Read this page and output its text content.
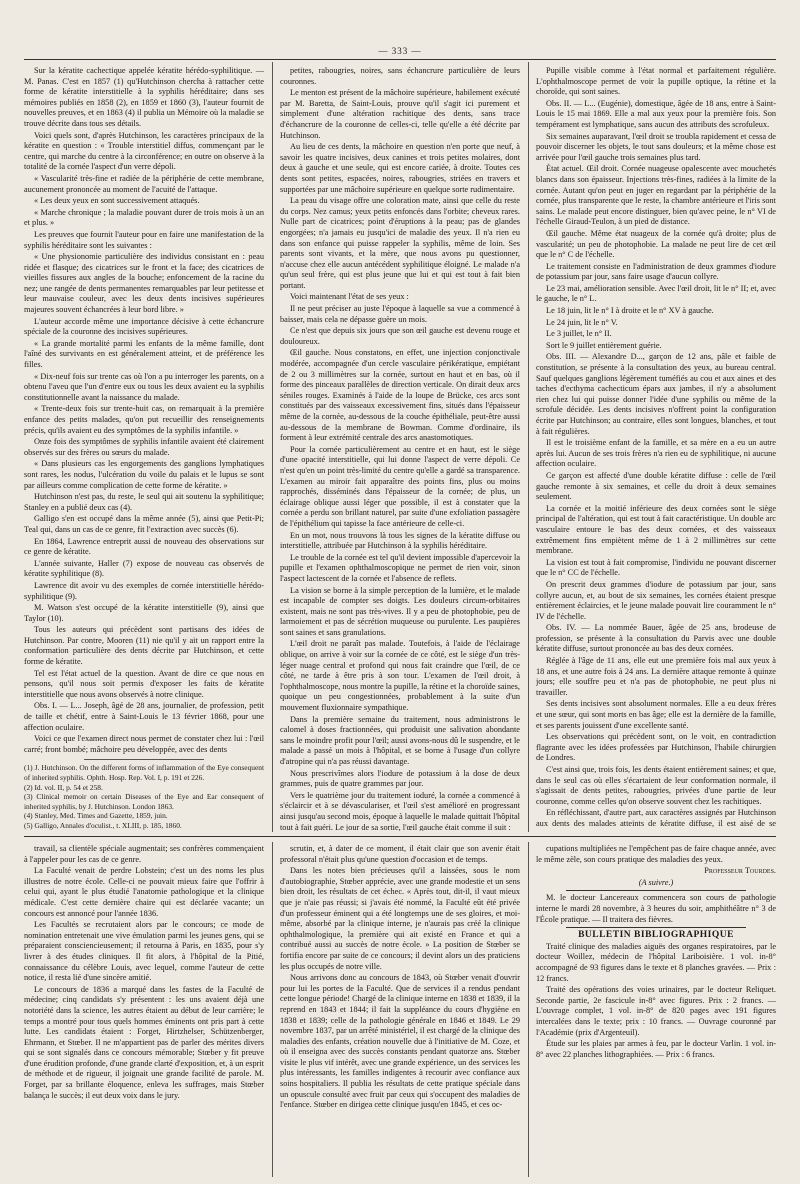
— 333 —

Sur la kératite cachectique appelée kératite hérédo-syphilitique. — M. Panas. C'est en 1857 (1) qu'Hutchinson chercha à rattacher cette forme de kératite interstitielle à la syphilis héréditaire; dans ses mémoires publiés en 1858 (2), en 1859 et 1860 (3), l'auteur fournit de nouvelles preuves, et en 1863 (4) il publia un Mémoire où la maladie se trouve décrite dans tous ses détails.

Voici quels sont, d'après Hutchinson, les caractères principaux de la kératite en question : « Trouble interstitiel diffus, commençant par le centre, qui marche du centre à la circonférence; en outre on observe à la totalité de la cornée l'aspect d'un verre dépoli.

« Vascularité très-fine et radiée de la périphérie de cette membrane, aucunement prononcée au moment de l'acuité de l'attaque.

« Les deux yeux en sont successivement attaqués.

« Marche chronique ; la maladie pouvant durer de trois mois à un an et plus. »

Les preuves que fournit l'auteur pour en faire une manifestation de la syphilis héréditaire sont les suivantes :

« Une physionomie particulière des individus consistant en : peau ridée et flasque; des cicatrices sur le front et la face; des cicatrices de vieilles fissures aux angles de la bouche; enfoncement de la racine du nez; une rangée de dents permanentes remarquables par leur petitesse et leur mauvaise couleur, avec les deux dents incisives supérieures majeures souvent échancrées à leur bord libre. »

L'auteur accorde même une importance décisive à cette échancrure spéciale de la couronne des incisives supérieures.

« La grande mortalité parmi les enfants de la même famille, dont l'aîné des survivants en est généralement atteint, et de préférence les filles.

« Dix-neuf fois sur trente cas où l'on a pu interroger les parents, on a obtenu l'aveu que l'un d'entre eux ou tous les deux avaient eu la syphilis constitutionnelle avant la naissance du malade.

« Trente-deux fois sur trente-huit cas, on remarquait à la première enfance des petits malades, qu'on put recueillir des renseignements précis, qu'ils avaient eu des symptômes de la syphilis infantile. »

Onze fois des symptômes de syphilis infantile avaient été clairement observés sur des frères ou sœurs du malade.

« Dans plusieurs cas les engorgements des ganglions lymphatiques sont rares, les nodus, l'ulcération du voile du palais et le lupus se sont par ailleurs comme complication de cette forme de kératite. »

Hutchinson n'est pas, du reste, le seul qui ait soutenu la syphilitique; Stanley en a publié deux cas (4).

Galligo s'en est occupé dans la même année (5), ainsi que Petit-Pi; Teal qui, dans un cas de ce genre, fit l'extraction avec succès (6).

En 1864, Lawrence entreprit aussi de nouveau des observations sur ce genre de kératite.

L'année suivante, Haller (7) expose de nouveau cas observés de kératite syphilitique (8).

Lawrence dit avoir vu des exemples de cornée interstitielle hérédo-syphilitique (9).

M. Watson s'est occupé de la kératite interstitielle (9), ainsi que Taylor (10).

Tous les auteurs qui précèdent sont partisans des idées de Hutchinson. Par contre, Mooren (11) nie qu'il y ait un rapport entre la conformation particulière des dents décrite par Hutchinson, et cette forme de kératite.

Tel est l'état actuel de la question. Avant de dire ce que nous en pensons, qu'il nous soit permis d'exposer les faits de kératite interstitielle que nous avons observés à notre clinique.

Obs. I. — L... Joseph, âgé de 28 ans, journalier, de profession, petit de taille et chétif, entre à Saint-Louis le 13 février 1868, pour une affection oculaire.

Voici ce que l'examen direct nous permet de constater chez lui : l'œil carré; front bombé; mâchoire peu développée, avec des dents

(1) J. Hutchinson. On the different forms of inflammation of the Eye consequent of inherited syphilis. Ophth. Hosp. Rep. Vol. I, p. 191 et 226.

(2) Id. vol. II, p. 54 et 258.

(3) Clinical memoir on certain Diseases of the Eye and Ear consequent of inherited syphilis, by J. Hutchinson. London 1863.

(4) Stanley, Med. Times and Gazette, 1859, juin.

(5) Galligo, Annales d'oculist., t. XLIII, p. 185, 1860.

petites, rabougries, noires, sans échancrure particulière de leurs couronnes.

Le menton est présent de la mâchoire supérieure, habilement exécuté par M. Baretta, de Saint-Louis, prouve qu'il s'agit ici purement et simplement d'une altération rachitique des dents, sans trace d'échancrure de la couronne de celles-ci, telle qu'elle a été décrite par Hutchinson.

Au lieu de ces dents, la mâchoire en question n'en porte que neuf, à savoir les quatre incisives, deux canines et trois petites molaires, dont deux à gauche et une seule, qui est encore cariée, à droite. Toutes ces dents sont petites, espacées, noires, rabougries, striées en travers et supportées par une mâchoire supérieure en quelque sorte rudimentaire.

La peau du visage offre une coloration mate, ainsi que celle du reste du corps. Nez camus; yeux petits enfoncés dans l'orbite; cheveux rares. Nulle part de cicatrices; point d'éruptions à la peau; pas de glandes engorgées; n'a jamais eu jusqu'ici de maladie des yeux. Il n'a rien eu dans son enfance qui puisse rappeler la syphilis, même de loin. Ses parents sont vivants, et la mère, que nous avons pu questionner, n'accuse chez elle aucun antécédent syphilitique éloigné. Le malade n'a qu'un seul frère, qui est plus jeune que lui et qui est tout à fait bien portant.

Voici maintenant l'état de ses yeux :

Il ne peut préciser au juste l'époque à laquelle sa vue a commencé à baisser, mais cela ne dépasse guère un mois.

Ce n'est que depuis six jours que son œil gauche est devenu rouge et douloureux.

Œil gauche. Nous constatons, en effet, une injection conjonctivale modérée, accompagnée d'un cercle vasculaire périkératique, empiétant de 2 ou 3 millimètres sur la cornée, surtout en haut et en bas, où il forme des pinceaux parallèles de direction verticale. On dirait deux arcs séniles rouges. Examinés à l'aide de la loupe de Brücke, ces arcs sont constitués par des vaisseaux excessivement fins, situés dans l'épaisseur même de la cornée, au-dessous de la couche épithéliale, peut-être aussi au-dessous de la membrane de Bowman. Comme d'ordinaire, ils forment à leur extrémité centrale des arcs anastomotiques.

Pour la cornée particulièrement au centre et en haut, est le siège d'une opacité interstitielle, qui lui donne l'aspect de verre dépoli. Ce n'est qu'en un point très-limité du centre qu'elle a gardé sa transparence. L'examen au miroir fait apparaître des points fins, plus ou moins rapprochés, disséminés dans l'épaisseur de la cornée; de plus, un éclairage oblique aussi léger que possible, il est à constater que la cornée a perdu son brillant naturel, par suite d'une exfoliation passagère de l'épithélium qui tapisse la face antérieure de celle-ci.

En un mot, nous trouvons là tous les signes de la kératite diffuse ou interstitielle, attribuée par Hutchinson à la syphilis héréditaire.

Le trouble de la cornée est tel qu'il devient impossible d'apercevoir la pupille et l'examen ophthalmoscopique ne permet de rien voir, sinon l'aspect lactescent de la cornée et l'absence de reflets.

La vision se borne à la simple perception de la lumière, et le malade est incapable de compter ses doigts. Les douleurs circum-orbitaires existent, mais ne sont pas très-vives. Il y a peu de photophobie, peu de larmoiement et pas de sécrétion muqueuse ou purulente. Les paupières sont saines et sans granulations.

L'œil droit ne paraît pas malade. Toutefois, à l'aide de l'éclairage oblique, on arrive à voir sur la cornée de ce côté, est le siège d'un très-léger nuage central et profond qui nous fait craindre que l'œil, de ce côté, ne tarde à être pris à son tour. L'examen de l'œil droit, à l'ophthalmoscope, nous montre la pupille, la rétine et la choroïde saines, quoique un peu congestionnées, probablement à la suite d'un mouvement fluxionnaire sympathique.

Dans la première semaine du traitement, nous administrons le calomel à doses fractionnées, qui produisit une salivation abondante sans le moindre profit pour l'œil; aussi avons-nous dû le suspendre, et le malade a passé un mois à l'hôpital, et se borne à l'usage d'un collyre d'atropine qui n'a pas réussi davantage.

Nous prescrivîmes alors l'iodure de potassium à la dose de deux grammes, puis de quatre grammes par jour.

Vers le quatrième jour du traitement ioduré, la cornée a commencé à s'éclaircir et à se dévasculariser, et l'œil s'est amélioré en progressant ainsi jusqu'au second mois, époque à laquelle le malade quittait l'hôpital tout à fait guéri. Le jour de sa sortie, l'œil gauche était comme il suit :

Pupille visible comme à l'état normal et parfaitement régulière. L'ophthalmoscope permet de voir la pupille optique, la rétine et la choroïde, qui sont saines.

Obs. II. — L... (Eugénie), domestique, âgée de 18 ans, entre à Saint-Louis le 15 mai 1869. Elle a mal aux yeux pour la première fois. Son tempérament est lymphatique, sans aucun des attributs des scrofuleux.

Six semaines auparavant, l'œil droit se troubla rapidement et cessa de pouvoir discerner les objets, le tout sans douleurs; et la même chose est arrivée pour l'œil gauche trois semaines plus tard.

État actuel. Œil droit. Cornée nuageuse opalescente avec mouchetés blancs dans son épaisseur. Injections très-fines, radiées à la limite de la cornée. Autant qu'on peut en juger en regardant par la périphérie de la cornée, plus transparente que le reste, la chambre antérieure et l'iris sont sains. Le malade peut encore distinguer, bien qu'avec peine, le n° VI de l'échelle Giraud-Teulon, à un pied de distance.

Œil gauche. Même état nuageux de la cornée qu'à droite; plus de vascularité; un peu de photophobie. La malade ne peut lire de cet œil que le n° C de l'échelle.

Le traitement consiste en l'administration de deux grammes d'iodure de potassium par jour, sans faire usage d'aucun collyre.

Le 23 mai, amélioration sensible. Avec l'œil droit, lit le n° II; et, avec le gauche, le n° L.

Le 18 juin, lit le n° I à droite et le n° XV à gauche.

Le 24 juin, lit le n° V.

Le 3 juillet, le n° II.

Sort le 9 juillet entièrement guérie.

Obs. III. — Alexandre D..., garçon de 12 ans, pâle et faible de constitution, se présente à la consultation des yeux, au bureau central. Sauf quelques ganglions légèrement tuméfiés au cou et aux aines et des taches d'ecthyma cachecticum épars aux jambes, il n'y a absolument rien chez lui qui puisse donner l'idée d'une syphilis ou même de la scrofule décidée. Les dents incisives n'offrent point la configuration écrite par Hutchinson; au contraire, elles sont longues, blanches, et tout à fait régulières.

Il est le troisième enfant de la famille, et sa mère en a eu un autre après lui. Aucun de ses trois frères n'a rien eu de syphilitique, ni aucune affection oculaire.

Ce garçon est affecté d'une double kératite diffuse : celle de l'œil gauche remonte à six semaines, et celle du droit à deux semaines seulement.

La cornée et la moitié inférieure des deux cornées sont le siège principal de l'altération, qui est tout à fait caractéristique. Un double arc vasculaire entoure le bas des deux cornées, et des vaisseaux extrêmement fins empiètent même de 1 à 2 millimètres sur cette membrane.

La vision est tout à fait compromise, l'individu ne pouvant discerner que le n° CC de l'échelle.

On prescrit deux grammes d'iodure de potassium par jour, sans collyre aucun, et, au bout de six semaines, les cornées étaient presque entièrement éclaircies, et le jeune malade pouvait lire couramment le n° IV de l'échelle.

Obs. IV. — La nommée Bauer, âgée de 25 ans, brodeuse de profession, se présente à la consultation du Parvis avec une double kératite diffuse, surtout prononcée au bas des deux cornées.

Réglée à l'âge de 11 ans, elle eut une première fois mal aux yeux à 18 ans, et une autre fois à 24 ans. La dernière attaque remonte à quinze jours; elle souffre peu et n'a pas de photophobie, ne peut plus ni travailler.

Ses dents incisives sont absolument normales. Elle a eu deux frères et une sœur, qui sont morts en bas âge; elle est la dernière de la famille, et ses parents jouissent d'une excellente santé.

Les observations qui précèdent sont, on le voit, en contradiction flagrante avec les idées professées par Hutchinson, l'habile chirurgien de Londres.

C'est ainsi que, trois fois, les dents étaient entièrement saines; et que, dans le seul cas où elles s'écartaient de leur conformation normale, il s'agissait de dents petites, rabougries, privées d'une partie de leur couronne, comme celles qu'on observe souvent chez les rachitiques.

En réfléchissant, d'autre part, aux caractères assignés par Hutchinson aux dents des malades atteints de kératite diffuse, il est aisé de se

travail, sa clientèle spéciale augmentait; ses confrères commençaient à l'appeler pour les cas de ce genre.

La Faculté venait de perdre Lobstein; c'est un des noms les plus illustres de notre école. Celle-ci ne pouvait mieux faire que l'offrir à celui qui, ayant le plus étudié l'anatomie pathologique et la clinique médicale. C'est cette dernière chaire qui est déclarée vacante; un concours est annoncé pour l'année 1836.

Les Facultés se recrutaient alors par le concours; ce mode de nomination entretenait une vive émulation parmi les jeunes gens, qui se préparaient consciencieusement; il retourna à Paris, en 1835, pour s'y livrer à des études cliniques. Il fit alors, à l'hôpital de la Pitié, connaissance du célèbre Louis, avec lequel, comme l'auteur de cette notice, il resta lié d'une sincère amitié.

Le concours de 1836 a marqué dans les fastes de la Faculté de médecine; cinq candidats s'y présentent : les uns avaient déjà une notoriété dans la science, les autres étaient au début de leur carrière; le temps a montré pour tous quels hommes éminents ont pris part à cette lutte. Les candidats étaient : Forget, Hirtzhelser, Schützenberger, Ehrmann, et Stœber. Il ne m'appartient pas de parler des mérites divers qui se sont signalés dans ce concours mémorable; Stœber y fit preuve d'une érudition profonde, d'une grande clarté d'exposition, et, à un esprit de méthode et de rigueur, il joignait une grande facilité de parole. M. Forget, par sa brillante éloquence, enleva les suffrages, mais Stœber balança le succès; il eut deux voix dans le jury.

scrutin, et, à dater de ce moment, il était clair que son avenir était professoral n'était plus qu'une question d'occasion et de temps.

Dans les notes bien précieuses qu'il a laissées, sous le nom d'autobiographie, Stœber apprécie, avec une grande modestie et un sens bien droit, les résultats de cet échec. « Après tout, dit-il, il vaut mieux que je n'aie pas réussi; si j'avais été nommé, la Faculté eût été privée d'un professeur éminent qui a été longtemps une de ses gloires, et moi-même, absorbé par la clinique interne, je n'aurais pas créé la clinique ophthalmologique, la première qui ait existé en France et qui a contribué aussi au succès de notre école. » La position de Stœber se fortifia encore par suite de ce concours; il devint alors un des praticiens les plus occupés de notre ville.

Nous arrivons donc au concours de 1843, où Stœber venait d'ouvrir pour lui les portes de la Faculté. Que de services il a rendus pendant cette longue période! Chargé de la clinique interne en 1838 et 1839, il la reprend en 1843 et 1844; il fait la suppléance du cours d'hygiène en 1838 et 1839; celle de la pathologie générale en 1846 et 1849. Le 29 novembre 1837, par un arrêté ministériel, il est chargé de la clinique des maladies des enfants, création nouvelle due à l'initiative de M. Coze, et où il enseigna avec des succès constants pendant quatorze ans. Stœber visite le plus vif intérêt, avec une grande expérience, un des services les plus intéressants, les familles indigentes à recourir avec confiance aux soins hospitaliers. Il publia les résultats de cette pratique spéciale dans un opuscule consulté avec fruit par ceux qui s'occupent des maladies de l'enfance. Stœber en dirigea cette clinique jusqu'en 1845, et ces oc-

cupations multipliées ne l'empêchent pas de faire chaque année, avec le même zèle, son cours pratique des maladies des yeux.

Professeur Tourdes.

(A suivre.)

M. le docteur Lancereaux commencera son cours de pathologie interne le mardi 28 novembre, à 3 heures du soir, amphithéâtre n° 3 de l'École pratique. — Il traitera des fièvres.

BULLETIN BIBLIOGRAPHIQUE

Traité clinique des maladies aiguës des organes respiratoires, par le docteur Woillez, médecin de l'hôpital Lariboisière. 1 vol. in-8° accompagné de 93 figures dans le texte et 8 planches gravées. — Prix : 12 francs.

Traité des opérations des voies urinaires, par le docteur Reliquet. Seconde partie, 2e fascicule in-8° avec figures. Prix : 2 francs. — L'ouvrage complet, 1 vol. in-8° de 820 pages avec 191 figures intercalées dans le texte; prix : 10 francs. — Ouvrage couronné par l'Académie (prix d'Argenteuil).

Étude sur les plaies par armes à feu, par le docteur Varlin. 1 vol. in-8° avec 22 planches lithographiées. — Prix : 6 francs.
